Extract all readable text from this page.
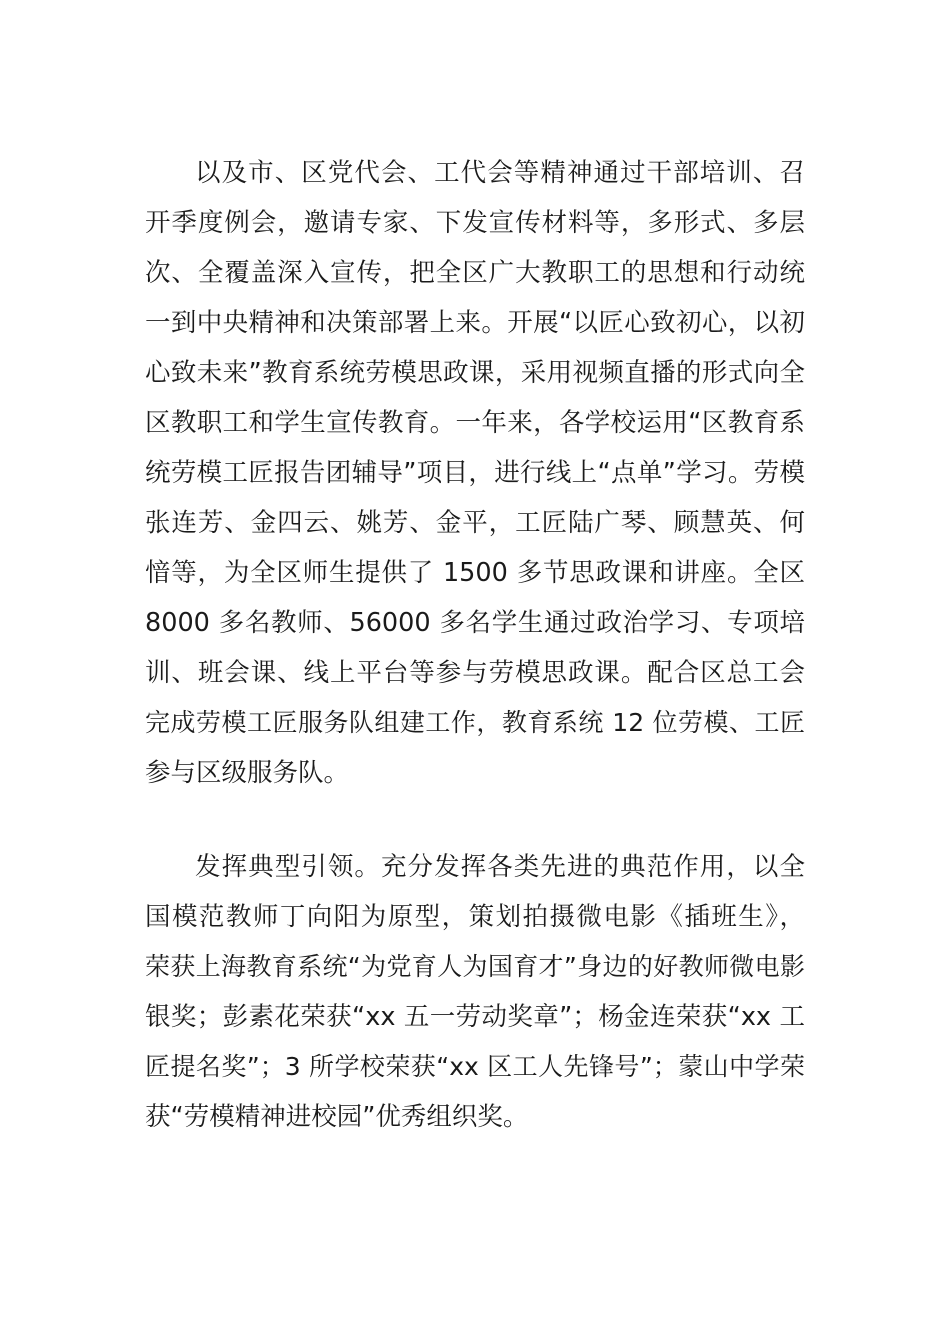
以及市、区党代会、工代会等精神通过干部培训、召
开季度例会，邀请专家、下发宣传材料等，多形式、多层
次、全覆盖深入宣传，把全区广大教职工的思想和行动统
一到中央精神和决策部署上来。开展“以匠心致初心，以初
心致未来”教育系统劳模思政课，采用视频直播的形式向全
区教职工和学生宣传教育。一年来，各学校运用“区教育系
统劳模工匠报告团辅导”项目，进行线上“点单”学习。劳模
张连芳、金四云、姚芳、金平，工匠陆广琴、顾慧英、何
愔等，为全区师生提供了 1500 多节思政课和讲座。全区
8000 多名教师、56000 多名学生通过政治学习、专项培
训、班会课、线上平台等参与劳模思政课。配合区总工会
完成劳模工匠服务队组建工作，教育系统 12 位劳模、工匠
参与区级服务队。
发挥典型引领。充分发挥各类先进的典范作用，以全
国模范教师丁向阳为原型，策划拍摄微电影《插班生》，
荣获上海教育系统“为党育人为国育才”身边的好教师微电影
银奖；彭素花荣获“xx 五一劳动奖章”；杨金连荣获“xx 工
匠提名奖”；3 所学校荣获“xx 区工人先锋号”；蒙山中学荣
获“劳模精神进校园”优秀组织奖。
